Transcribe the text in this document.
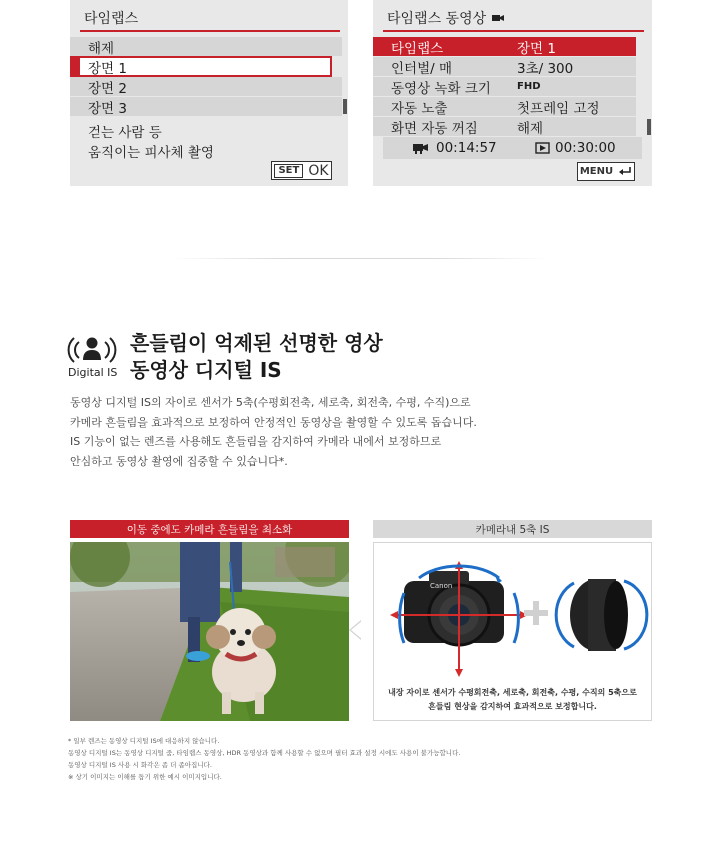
타임랩스
해제
장면 1
장면 2
장면 3
걷는 사람 등
움직이는 피사체 촬영
SET OK
타임랩스 동영상
타임랩스	장면 1
인터벌/ 매	3초/ 300
동영상 녹화 크기	FHD
자동 노출	첫프레임 고정
화면 자동 꺼짐	해제
00:14:57	00:30:00
MENU
Digital IS
흔들림이 억제된 선명한 영상
동영상 디지털 IS
동영상 디지털 IS의 자이로 센서가 5축(수평회전축, 세로축, 회전축, 수평, 수직)으로
카메라 흔들림을 효과적으로 보정하여 안정적인 동영상을 촬영할 수 있도록 돕습니다.
IS 기능이 없는 렌즈를 사용해도 흔들림을 감지하여 카메라 내에서 보정하므로
안심하고 동영상 촬영에 집중할 수 있습니다*.
이동 중에도 카메라 흔들림을 최소화	카메라내 5축 IS
Canon
내장 자이로 센서가 수평회전축, 세로축, 회전축, 수평, 수직의 5축으로
흔들림 현상을 감지하여 효과적으로 보정합니다.
* 일부 렌즈는 동영상 디지털 IS에 대응하지 않습니다.
동영상 디지털 IS는 동영상 디지털 줌, 타임랩스 동영상, HDR 동영상과 함께 사용할 수 없으며 필터 효과 설정 시에도 사용이 불가능합니다.
동영상 디지털 IS 사용 시 화각은 좀 더 좁아집니다.
※ 상기 이미지는 이해를 돕기 위한 예시 이미지입니다.
